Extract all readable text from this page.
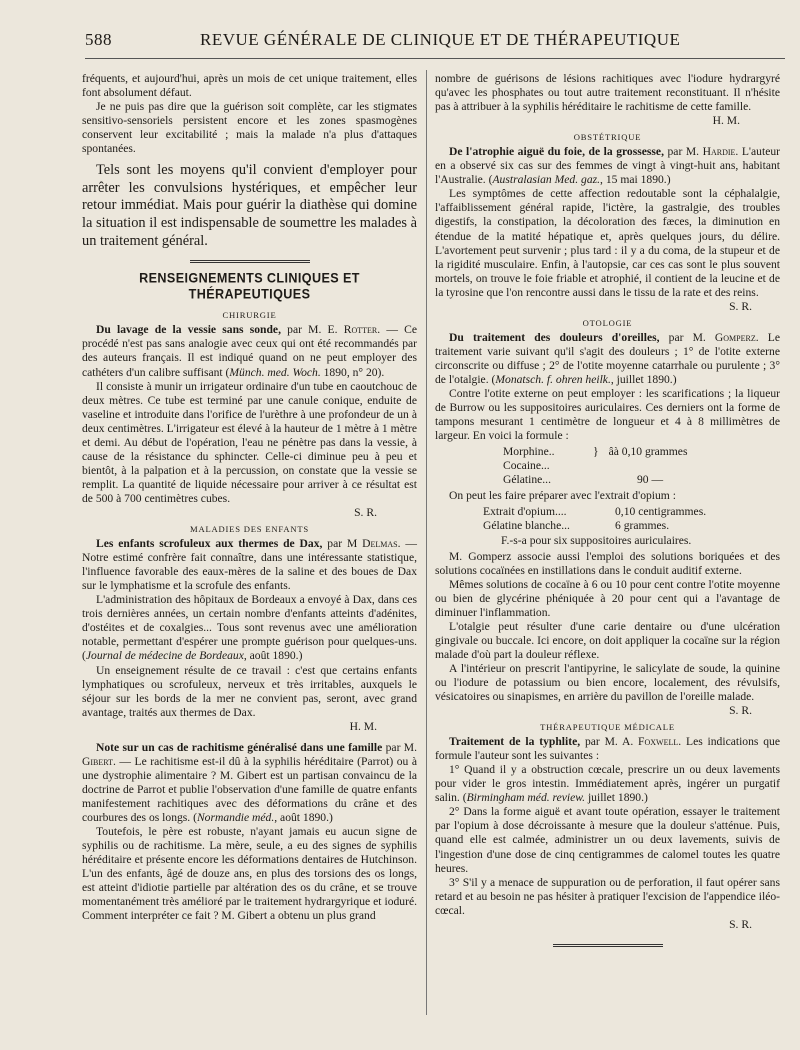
588	REVUE GÉNÉRALE DE CLINIQUE ET DE THÉRAPEUTIQUE

fréquents, et aujourd'hui, après un mois de cet unique traitement, elles font absolument défaut.

Je ne puis pas dire que la guérison soit complète, car les stigmates sensitivo-sensoriels persistent encore et les zones spasmogènes conservent leur excitabilité ; mais la malade n'a plus d'attaques spontanées.

Tels sont les moyens qu'il convient d'employer pour arrêter les convulsions hystériques, et empêcher leur retour immédiat. Mais pour guérir la diathèse qui domine la situation il est indispensable de soumettre les malades à un traitement général.

RENSEIGNEMENTS CLINIQUES ET THÉRAPEUTIQUES
CHIRURGIE

Du lavage de la vessie sans sonde, par M. E. Rotter. — Ce procédé n'est pas sans analogie avec ceux qui ont été recommandés par des auteurs français. Il est indiqué quand on ne peut employer des cathéters d'un calibre suffisant (Münch. med. Woch. 1890, n° 20).

Il consiste à munir un irrigateur ordinaire d'un tube en caoutchouc de deux mètres. Ce tube est terminé par une canule conique, enduite de vaseline et introduite dans l'orifice de l'urèthre à une profondeur de un à deux centimètres. L'irrigateur est élevé à la hauteur de 1 mètre à 1 mètre et demi. Au début de l'opération, l'eau ne pénètre pas dans la vessie, à cause de la résistance du sphincter. Celle-ci diminue peu à peu et bientôt, à la palpation et à la percussion, on constate que la vessie se remplit. La quantité de liquide nécessaire pour arriver à ce résultat est de 500 à 700 centimètres cubes.

S. R.
MALADIES DES ENFANTS

Les enfants scrofuleux aux thermes de Dax, par M Delmas. — Notre estimé confrère fait connaître, dans une intéressante statistique, l'influence favorable des eaux-mères de la saline et des boues de Dax sur le lymphatisme et la scrofule des enfants.

L'administration des hôpitaux de Bordeaux a envoyé à Dax, dans ces trois dernières années, un certain nombre d'enfants atteints d'adénites, d'ostéites et de coxalgies... Tous sont revenus avec une amélioration notable, permettant d'espérer une prompte guérison pour quelques-uns. (Journal de médecine de Bordeaux, août 1890.)

Un enseignement résulte de ce travail : c'est que certains enfants lymphatiques ou scrofuleux, nerveux et très irritables, auxquels le séjour sur les bords de la mer ne convient pas, seront, avec grand avantage, traités aux thermes de Dax.

H. M.

Note sur un cas de rachitisme généralisé dans une famille par M. Gibert. — Le rachitisme est-il dû à la syphilis héréditaire (Parrot) ou à une dystrophie alimentaire ? M. Gibert est un partisan convaincu de la doctrine de Parrot et publie l'observation d'une famille de quatre enfants manifestement rachitiques avec des déformations du crâne et des courbures des os longs. (Normandie méd., août 1890.)

Toutefois, le père est robuste, n'ayant jamais eu aucun signe de syphilis ou de rachitisme. La mère, seule, a eu des signes de syphilis héréditaire et présente encore les déformations dentaires de Hutchinson. L'un des enfants, âgé de douze ans, en plus des torsions des os longs, est atteint d'idiotie partielle par altération des os du crâne, et se trouve momentanément très amélioré par le traitement hydrargyrique et ioduré. Comment interpréter ce fait ? M. Gibert a obtenu un plus grand

nombre de guérisons de lésions rachitiques avec l'iodure hydrargyré qu'avec les phosphates ou tout autre traitement reconstituant. Il n'hésite pas à attribuer à la syphilis héréditaire le rachitisme de cette famille.

H. M.
OBSTÉTRIQUE

De l'atrophie aiguë du foie, de la grossesse, par M. Hardie. L'auteur en a observé six cas sur des femmes de vingt à vingt-huit ans, habitant l'Australie. (Australasian Med. gaz., 15 mai 1890.)

Les symptômes de cette affection redoutable sont la céphalalgie, l'affaiblissement général rapide, l'ictère, la gastralgie, des troubles digestifs, la constipation, la décoloration des fæces, la diminution en étendue de la matité hépatique et, après quelques jours, du délire. L'avortement peut survenir ; plus tard : il y a du coma, de la stupeur et de la rigidité musculaire. Enfin, à l'autopsie, car ces cas sont le plus souvent mortels, on trouve le foie friable et atrophié, il contient de la leucine et de la tyrosine que l'on rencontre aussi dans le tissu de la rate et des reins.

S. R.
OTOLOGIE

Du traitement des douleurs d'oreilles, par M. Gomperz. Le traitement varie suivant qu'il s'agit des douleurs ; 1° de l'otite externe circonscrite ou diffuse ; 2° de l'otite moyenne catarrhale ou purulente ; 3° de l'otalgie. (Monatsch. f. ohren heilk., juillet 1890.)

Contre l'otite externe on peut employer : les scarifications ; la liqueur de Burrow ou les suppositoires auriculaires. Ces derniers ont la forme de tampons mesurant 1 centimètre de longueur et 4 à 8 millimètres de largeur. En voici la formule :

Morphine..	} âà 0,10 grammes
Cocaine...
Gélatine...	90 —

On peut les faire préparer avec l'extrait d'opium :

Extrait d'opium....	0,10 centigrammes.
Gélatine blanche...	6 grammes.
F.-s-a pour six suppositoires auriculaires.

M. Gomperz associe aussi l'emploi des solutions boriquées et des solutions cocaïnées en instillations dans le conduit auditif externe.

Mêmes solutions de cocaïne à 6 ou 10 pour cent contre l'otite moyenne ou bien de glycérine phéniquée à 20 pour cent qui a l'avantage de diminuer l'inflammation.

L'otalgie peut résulter d'une carie dentaire ou d'une ulcération gingivale ou buccale. Ici encore, on doit appliquer la cocaïne sur la région malade d'où part la douleur réflexe.

A l'intérieur on prescrit l'antipyrine, le salicylate de soude, la quinine ou l'iodure de potassium ou bien encore, localement, des révulsifs, vésicatoires ou sinapismes, en arrière du pavillon de l'oreille malade.

S. R.
THÉRAPEUTIQUE MÉDICALE

Traitement de la typhlite, par M. A. Foxwell. Les indications que formule l'auteur sont les suivantes :

1° Quand il y a obstruction cœcale, prescrire un ou deux lavements pour vider le gros intestin. Immédiatement après, ingérer un purgatif salin. (Birmingham méd. review. juillet 1890.)

2° Dans la forme aiguë et avant toute opération, essayer le traitement par l'opium à dose décroissante à mesure que la douleur s'atténue. Puis, quand elle est calmée, administrer un ou deux lavements, suivis de l'ingestion d'une dose de cinq centigrammes de calomel toutes les quatre heures.

3° S'il y a menace de suppuration ou de perforation, il faut opérer sans retard et au besoin ne pas hésiter à pratiquer l'excision de l'appendice iléo-cœcal.

S. R.
